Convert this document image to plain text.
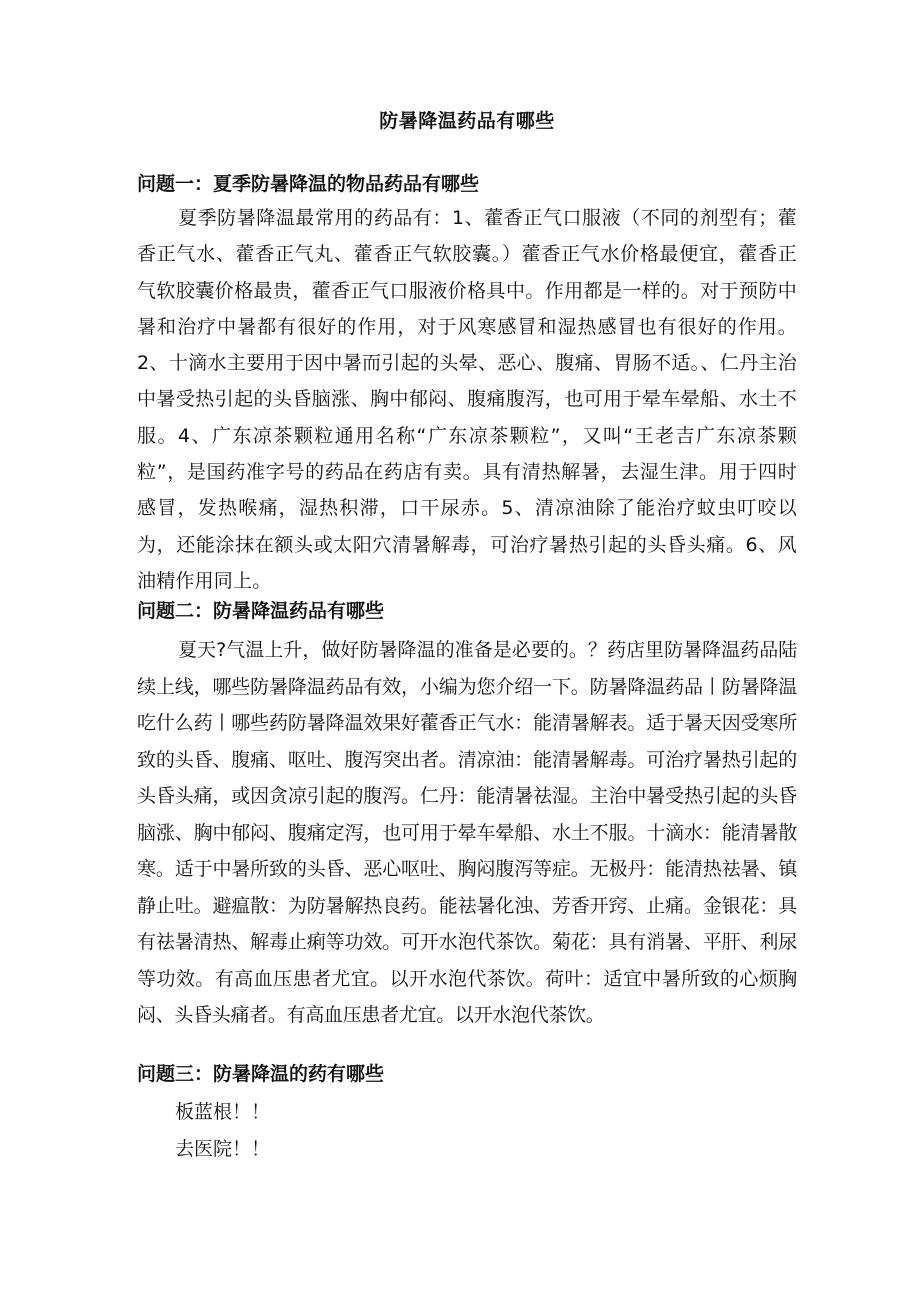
防暑降温药品有哪些
问题一：夏季防暑降温的物品药品有哪些
夏季防暑降温最常用的药品有：1、藿香正气口服液（不同的剂型有；藿香正气水、藿香正气丸、藿香正气软胶囊。）藿香正气水价格最便宜，藿香正气软胶囊价格最贵，藿香正气口服液价格具中。作用都是一样的。对于预防中暑和治疗中暑都有很好的作用，对于风寒感冒和湿热感冒也有很好的作用。2、十滴水主要用于因中暑而引起的头晕、恶心、腹痛、胃肠不适。、仁丹主治中暑受热引起的头昏脑涨、胸中郁闷、腹痛腹泻，也可用于晕车晕船、水土不服。4、广东凉茶颗粒通用名称“广东凉茶颗粒”，又叫“王老吉广东凉茶颗粒”，是国药准字号的药品在药店有卖。具有清热解暑，去湿生津。用于四时感冒，发热喉痛，湿热积滞，口干尿赤。5、清凉油除了能治疗蚊虫叮咬以为，还能涂抹在额头或太阳穴清暑解毒，可治疗暑热引起的头昏头痛。6、风油精作用同上。
问题二：防暑降温药品有哪些
夏天?气温上升，做好防暑降温的准备是必要的。？药店里防暑降温药品陆续上线，哪些防暑降温药品有效，小编为您介绍一下。防暑降温药品丨防暑降温吃什么药丨哪些药防暑降温效果好藿香正气水：能清暑解表。适于暑天因受寒所致的头昏、腹痛、呕吐、腹泻突出者。清凉油：能清暑解毒。可治疗暑热引起的头昏头痛，或因贪凉引起的腹泻。仁丹：能清暑祛湿。主治中暑受热引起的头昏脑涨、胸中郁闷、腹痛定泻，也可用于晕车晕船、水土不服。十滴水：能清暑散寒。适于中暑所致的头昏、恶心呕吐、胸闷腹泻等症。无极丹：能清热祛暑、镇静止吐。避瘟散：为防暑解热良药。能祛暑化浊、芳香开窍、止痛。金银花：具有祛暑清热、解毒止痢等功效。可开水泡代茶饮。菊花：具有消暑、平肝、利尿等功效。有高血压患者尤宜。以开水泡代茶饮。荷叶：适宜中暑所致的心烦胸闷、头昏头痛者。有高血压患者尤宜。以开水泡代茶饮。
问题三：防暑降温的药有哪些
板蓝根！！
去医院！！
